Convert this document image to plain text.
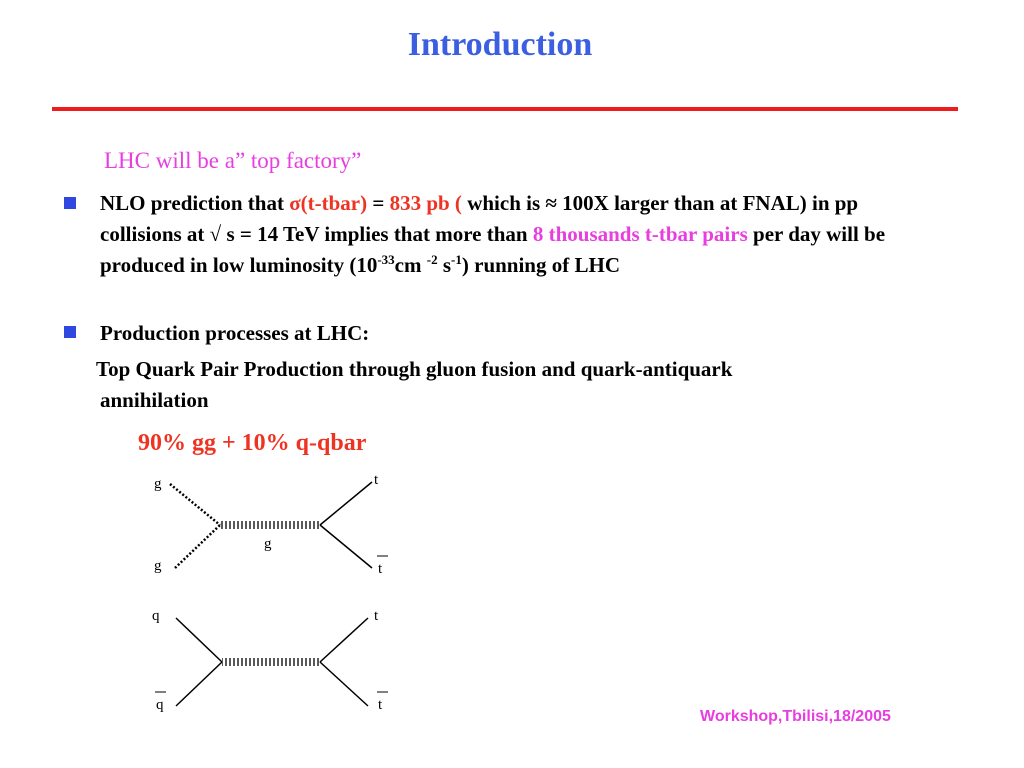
Introduction
LHC will be a” top factory”
NLO prediction that σ(t-tbar) = 833 pb ( which is ≈ 100X larger than at FNAL) in pp collisions at √ s = 14 TeV implies that more than 8 thousands t-tbar pairs per day will be produced in low luminosity ($10^{-33}cm$ $^{-2}$ $s^{-1}$) running of LHC
Production processes at LHC:
Top Quark Pair Production through gluon fusion and quark-antiquark
annihilation
90% gg + 10% q-qbar
g
g
g
t
t
q
q
t
t
Workshop,Tbilisi,18/2005
